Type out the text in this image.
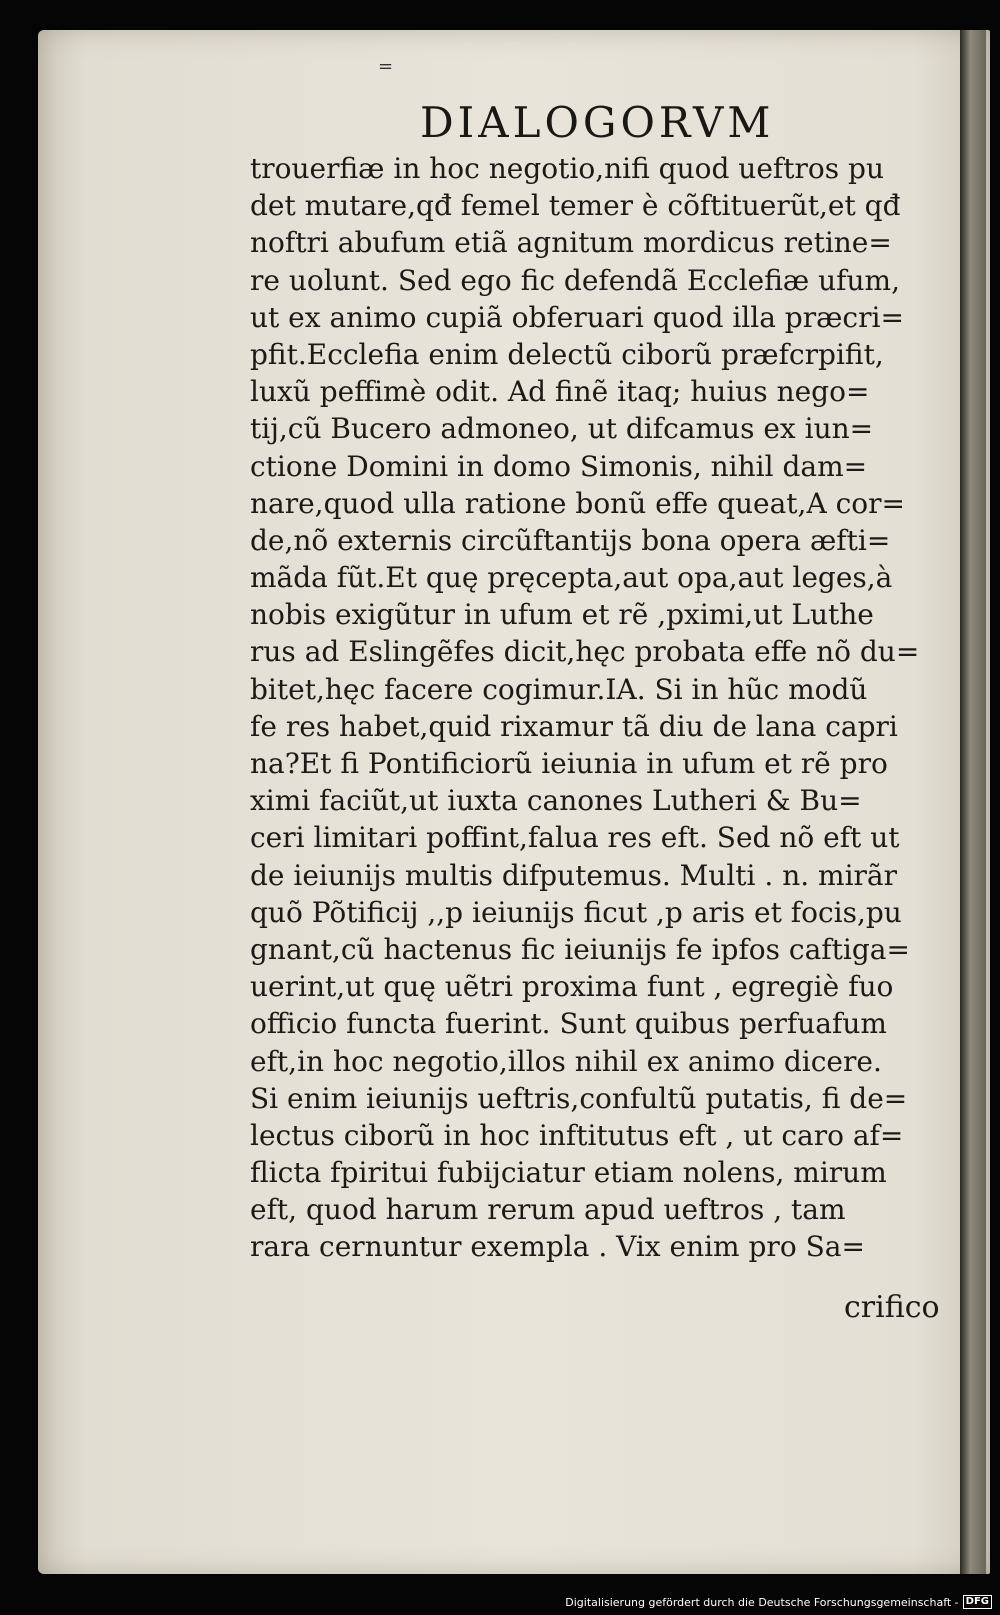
=
DIALOGORVM
trouerfiæ in hoc negotio,nifi quod ueftros pu
det mutare,qđ femel temer è cõftituerũt,et qđ
noftri abufum etiã agnitum mordicus retine=
re uolunt. Sed ego fic defendã Ecclefiæ ufum,
ut ex animo cupiã obferuari quod illa præcri=
pfit.Ecclefia enim delectũ ciborũ præfcrpifit,
luxũ peffimè odit. Ad finẽ itaq; huius nego=
tij,cũ Bucero admoneo, ut difcamus ex iun=
ctione Domini in domo Simonis, nihil dam=
nare,quod ulla ratione bonũ effe queat,A cor=
de,nõ externis circũftantijs bona opera æfti=
mãda fũt.Et quę pręcepta,aut opa,aut leges,à
nobis exigũtur in ufum et rẽ ,pximi,ut Luthe
rus ad Eslingẽfes dicit,hęc probata effe nõ du=
bitet,hęc facere cogimur.IA. Si in hũc modũ
fe res habet,quid rixamur tã diu de lana capri
na?Et fi Pontificiorũ ieiunia in ufum et rẽ pro
ximi faciũt,ut iuxta canones Lutheri & Bu=
ceri limitari poffint,falua res eft. Sed nõ eft ut
de ieiunijs multis difputemus. Multi . n. mirãr
quõ Põtificij ,,p ieiunijs ficut ,p aris et focis,pu
gnant,cũ hactenus fic ieiunijs fe ipfos caftiga=
uerint,ut quę uẽtri proxima funt , egregiè fuo
officio functa fuerint. Sunt quibus perfuafum
eft,in hoc negotio,illos nihil ex animo dicere.
Si enim ieiunijs ueftris,confultũ putatis, fi de=
lectus ciborũ in hoc inftitutus eft , ut caro af=
flicta fpiritui fubijciatur etiam nolens, mirum
eft, quod harum rerum apud ueftros , tam
rara cernuntur exempla . Vix enim pro Sa=
crifico
Digitalisierung gefördert durch die Deutsche Forschungsgemeinschaft - DFG
